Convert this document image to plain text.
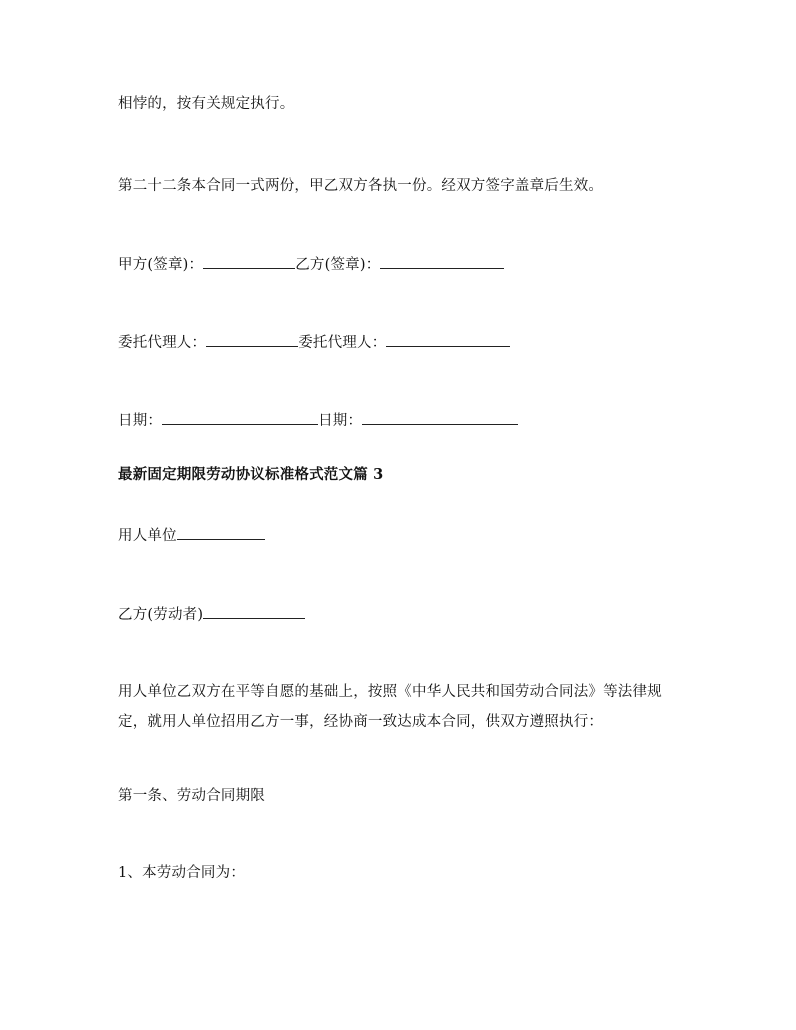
相悖的，按有关规定执行。
第二十二条本合同一式两份，甲乙双方各执一份。经双方签字盖章后生效。
甲方(签章)：	乙方(签章)：
委托代理人：	委托代理人：
日期：	日期：
最新固定期限劳动协议标准格式范文篇 3
用人单位
乙方(劳动者)
用人单位乙双方在平等自愿的基础上，按照《中华人民共和国劳动合同法》等法律规定，就用人单位招用乙方一事，经协商一致达成本合同，供双方遵照执行：
第一条、劳动合同期限
1、本劳动合同为：
